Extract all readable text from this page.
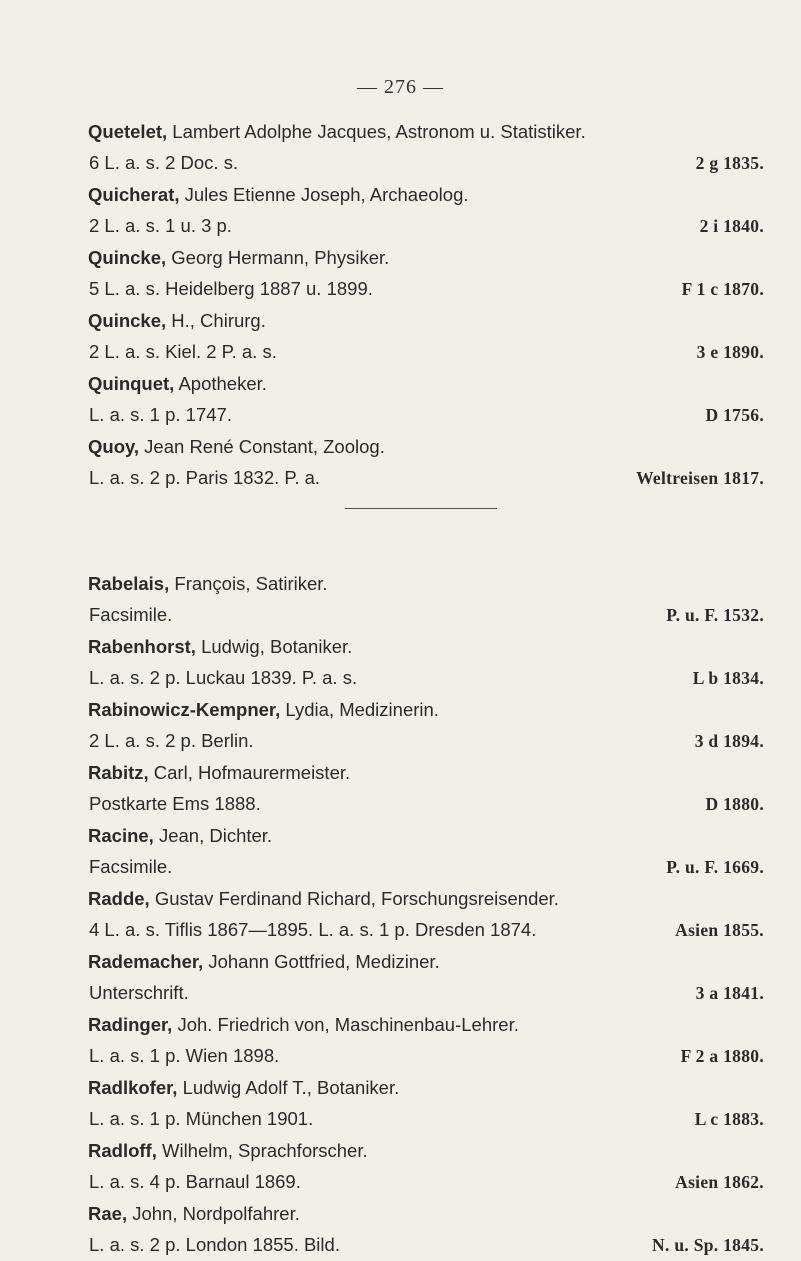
— 276 —
Quetelet, Lambert Adolphe Jacques, Astronom u. Statistiker.
6 L. a. s. 2 Doc. s.	2 g 1835.
Quicherat, Jules Etienne Joseph, Archaeolog.
2 L. a. s. 1 u. 3 p.	2 i 1840.
Quincke, Georg Hermann, Physiker.
5 L. a. s. Heidelberg 1887 u. 1899.	F 1 c 1870.
Quincke, H., Chirurg.
2 L. a. s. Kiel. 2 P. a. s.	3 e 1890.
Quinquet, Apotheker.
L. a. s. 1 p. 1747.	D 1756.
Quoy, Jean René Constant, Zoolog.
L. a. s. 2 p. Paris 1832. P. a.	Weltreisen 1817.
Rabelais, François, Satiriker.
Facsimile.	P. u. F. 1532.
Rabenhorst, Ludwig, Botaniker.
L. a. s. 2 p. Luckau 1839. P. a. s.	L b 1834.
Rabinowicz-Kempner, Lydia, Medizinerin.
2 L. a. s. 2 p. Berlin.	3 d 1894.
Rabitz, Carl, Hofmaurermeister.
Postkarte Ems 1888.	D 1880.
Racine, Jean, Dichter.
Facsimile.	P. u. F. 1669.
Radde, Gustav Ferdinand Richard, Forschungsreisender.
4 L. a. s. Tiflis 1867—1895. L. a. s. 1 p. Dresden 1874.	Asien 1855.
Rademacher, Johann Gottfried, Mediziner.
Unterschrift.	3 a 1841.
Radinger, Joh. Friedrich von, Maschinenbau-Lehrer.
L. a. s. 1 p. Wien 1898.	F 2 a 1880.
Radlkofer, Ludwig Adolf T., Botaniker.
L. a. s. 1 p. München 1901.	L c 1883.
Radloff, Wilhelm, Sprachforscher.
L. a. s. 4 p. Barnaul 1869.	Asien 1862.
Rae, John, Nordpolfahrer.
L. a. s. 2 p. London 1855. Bild.	N. u. Sp. 1845.
